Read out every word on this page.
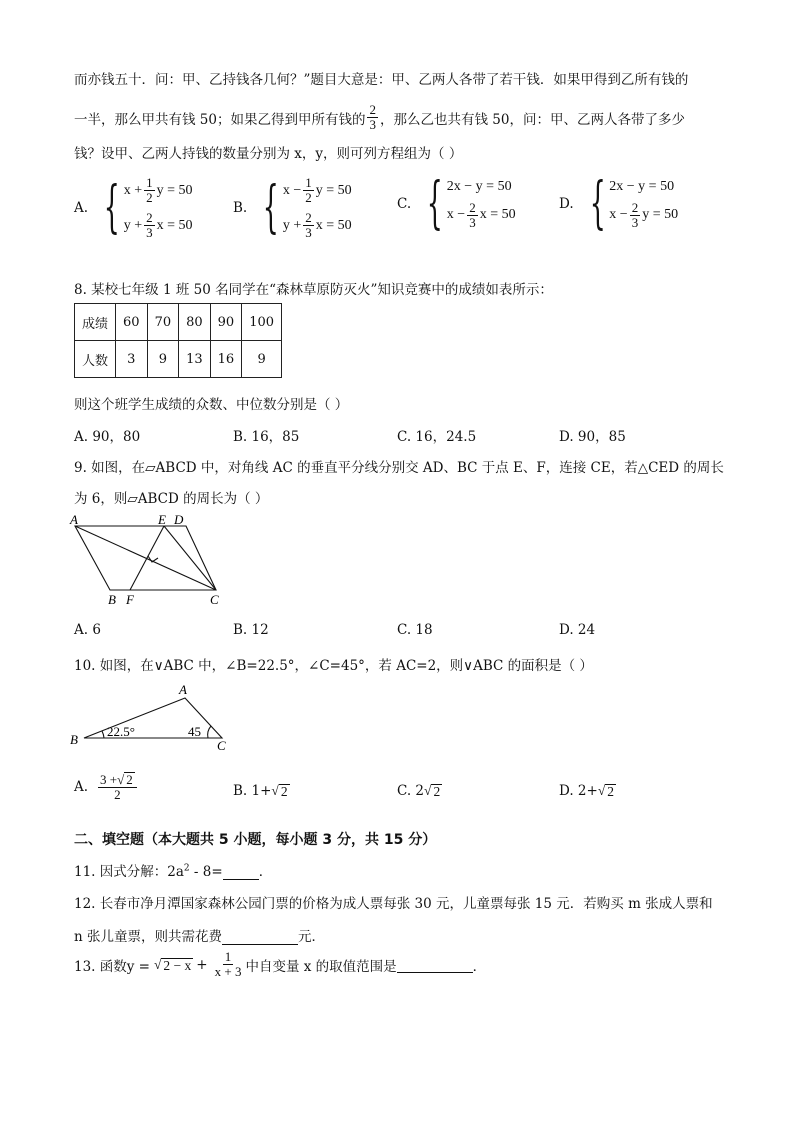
而亦钱五十．问：甲、乙持钱各几何？”题目大意是：甲、乙两人各带了若干钱．如果甲得到乙所有钱的
一半，那么甲共有钱 50；如果乙得到甲所有钱的 $\frac{2}{3}$ ，那么乙也共有钱 50，问：甲、乙两人各带了多少
钱？设甲、乙两人持钱的数量分别为 x，y，则可列方程组为（ ）
A. { $x + \frac{1}{2}$ y = 50
$y + \frac{2}{3}$ x = 50
B. { $x - \frac{1}{2}$ y = 50
$y + \frac{2}{3}$ x = 50
C. { 2x − y = 50
$x - \frac{2}{3}$ x = 50
D. { 2x − y = 50
$x - \frac{2}{3}$ y = 50
8. 某校七年级 1 班 50 名同学在“森林草原防灭火”知识竞赛中的成绩如表所示：
成绩	60	70	80	90	100
人数	3	9	13	16	9
则这个班学生成绩的众数、中位数分别是（ ）
A. 90，80	B. 16，85	C. 16，24.5	D. 90，85
9. 如图，在▱ABCD 中，对角线 AC 的垂直平分线分别交 AD、BC 于点 E、F，连接 CE，若△CED 的周长
为 6，则▱ABCD 的周长为（ ）
A	E D
B F	C
A. 6	B. 12	C. 18	D. 24
10. 如图，在∨ABC 中，∠B=22.5°，∠C=45°，若 AC=2，则∨ABC 的面积是（ ）
A
B	C
22.5°	45
A. $\frac{3 + √ 2}{2}$	B. 1+ √ 2	C. 2 √ 2	D. 2+ √ 2
二、填空题（本大题共 5 小题，每小题 3 分，共 15 分）
11. 因式分解：$2a^2 - 8=$	．
12. 长春市净月潭国家森林公园门票的价格为成人票每张 30 元，儿童票每张 15 元．若购买 m 张成人票和
n 张儿童票，则共需花费	元．
13. 函数y = √ $2 - x + \frac{1}{x + 3}$ 中自变量 x 的取值范围是	．
